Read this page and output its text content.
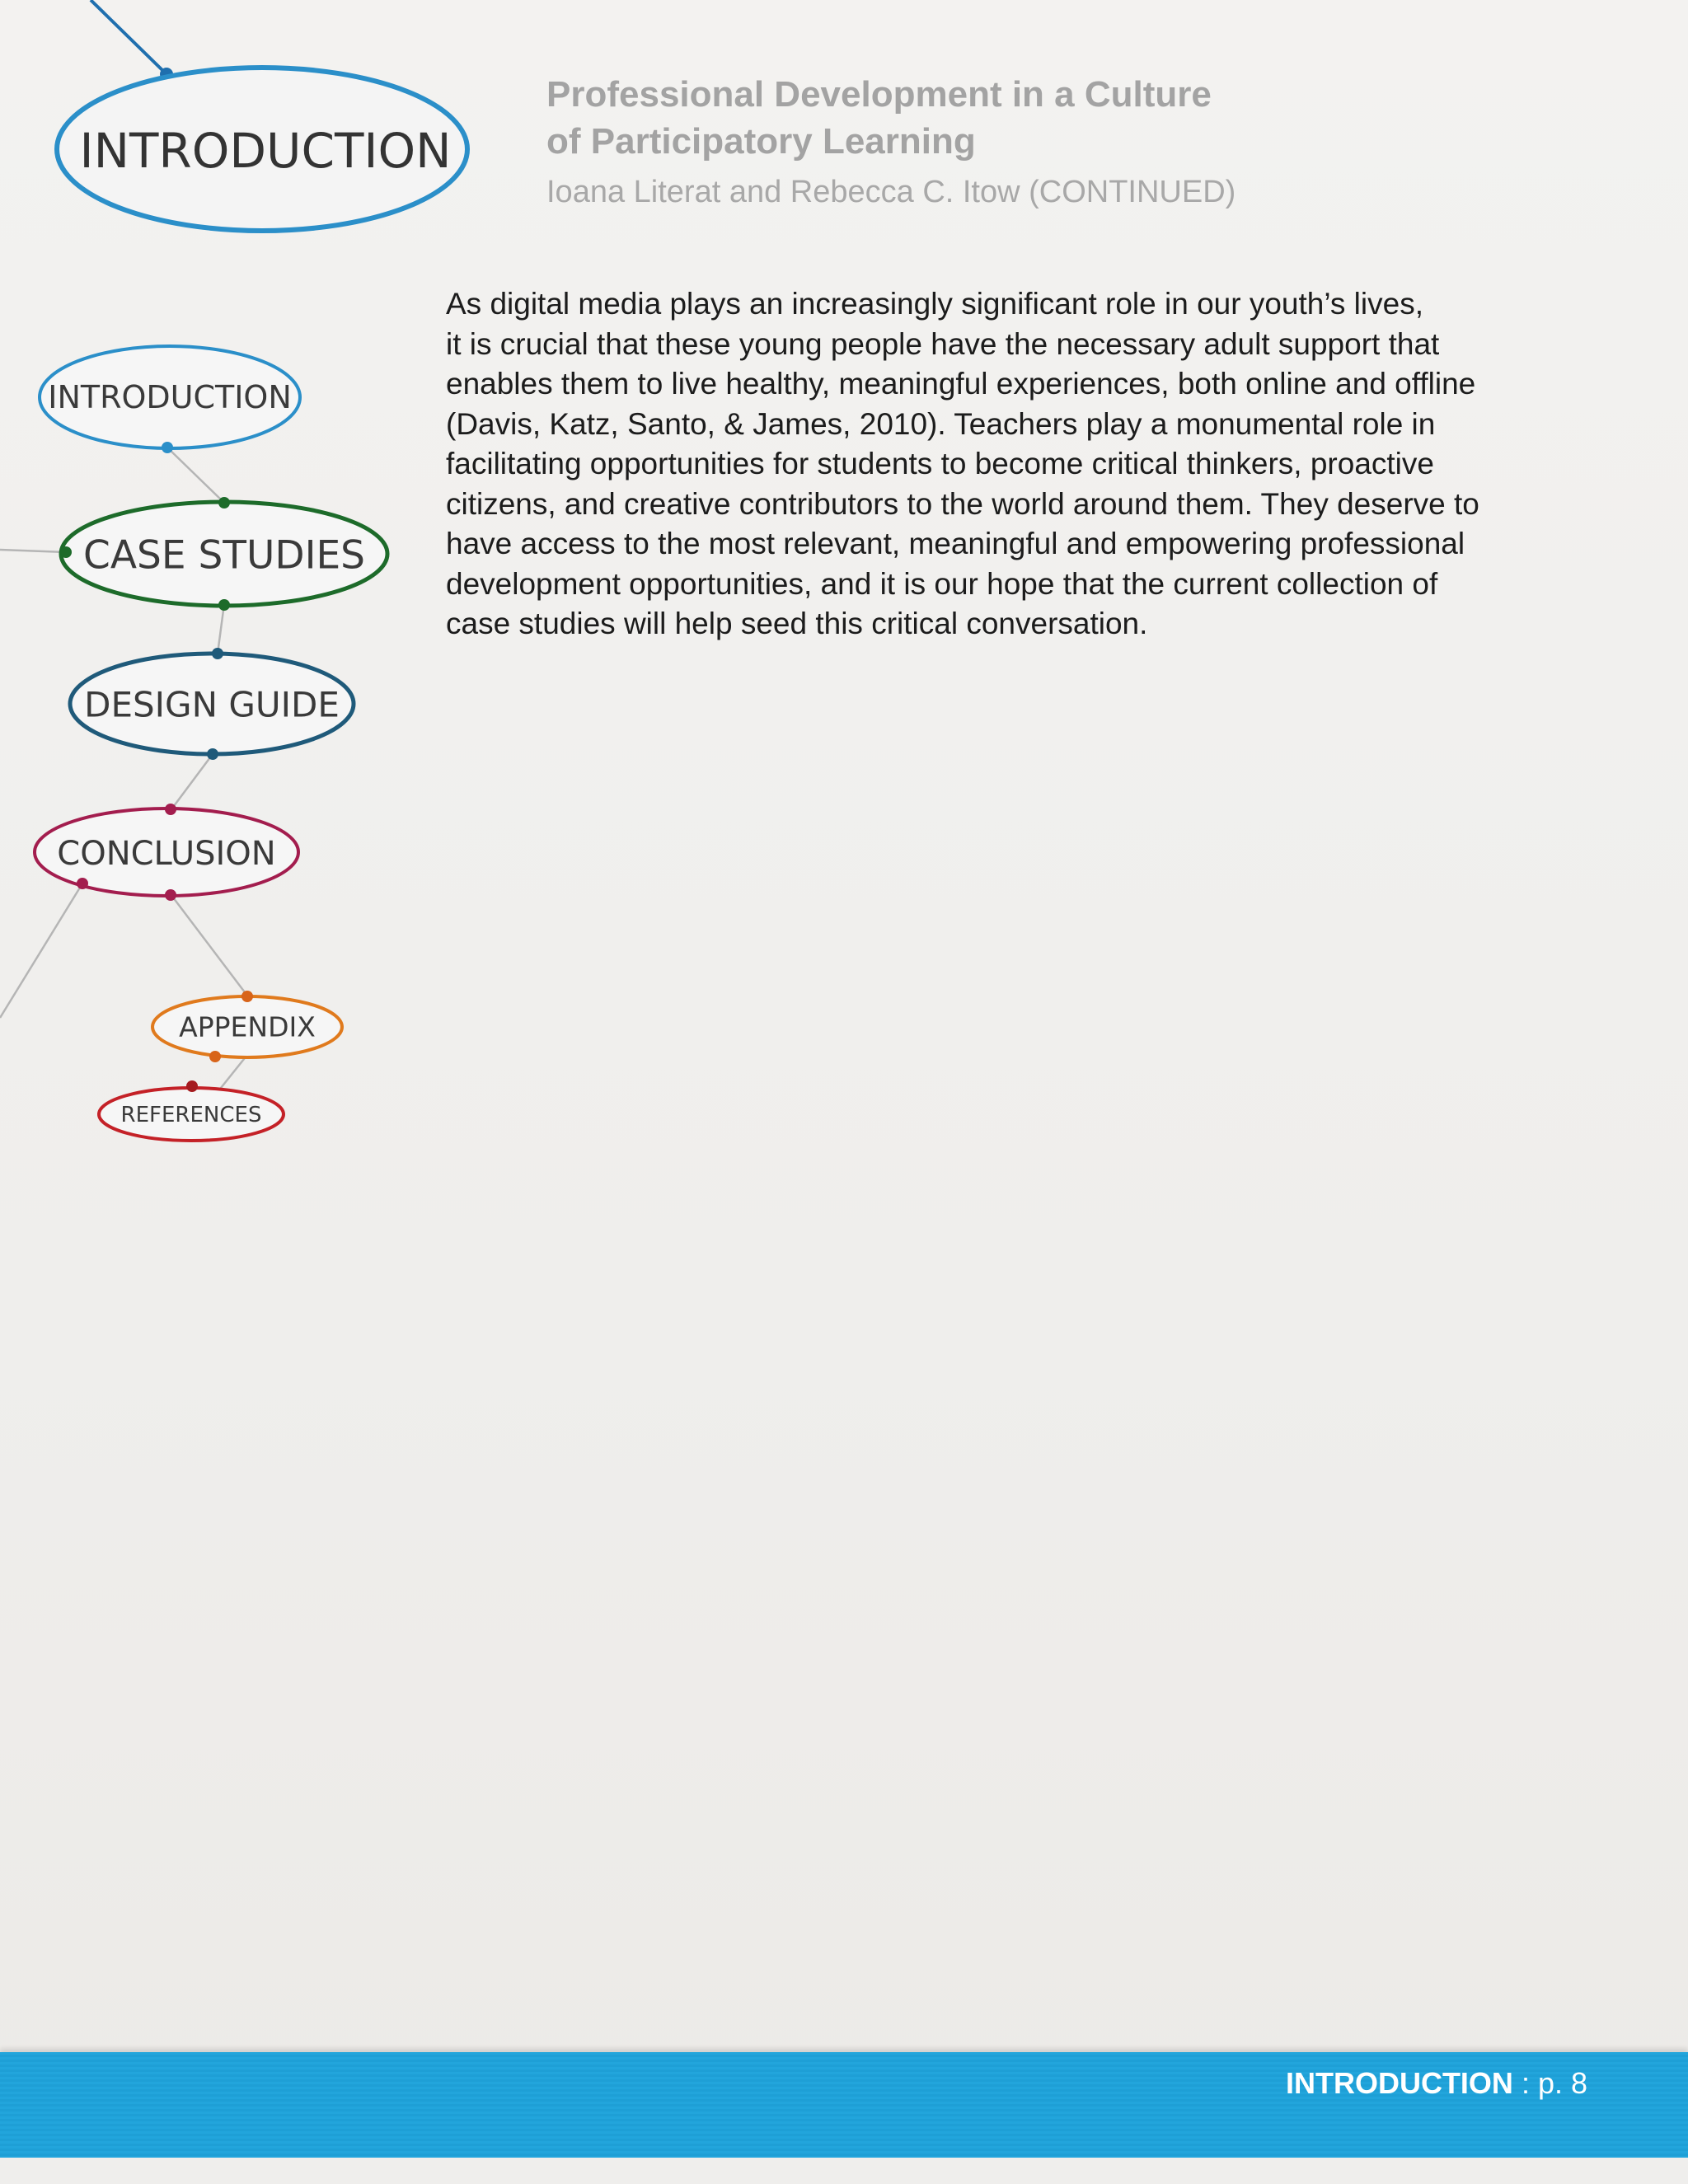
INTRODUCTION
INTRODUCTION
CASE STUDIES
DESIGN GUIDE
CONCLUSION
APPENDIX
REFERENCES

Professional Development in a Culture
of Participatory Learning

Ioana Literat and Rebecca C. Itow (CONTINUED)

As digital media plays an increasingly significant role in our youth’s lives,
it is crucial that these young people have the necessary adult support that
enables them to live healthy, meaningful experiences, both online and offline
(Davis, Katz, Santo, & James, 2010). Teachers play a monumental role in
facilitating opportunities for students to become critical thinkers, proactive
citizens, and creative contributors to the world around them. They deserve to
have access to the most relevant, meaningful and empowering professional
development opportunities, and it is our hope that the current collection of
case studies will help seed this critical conversation.

INTRODUCTION : p. 8
